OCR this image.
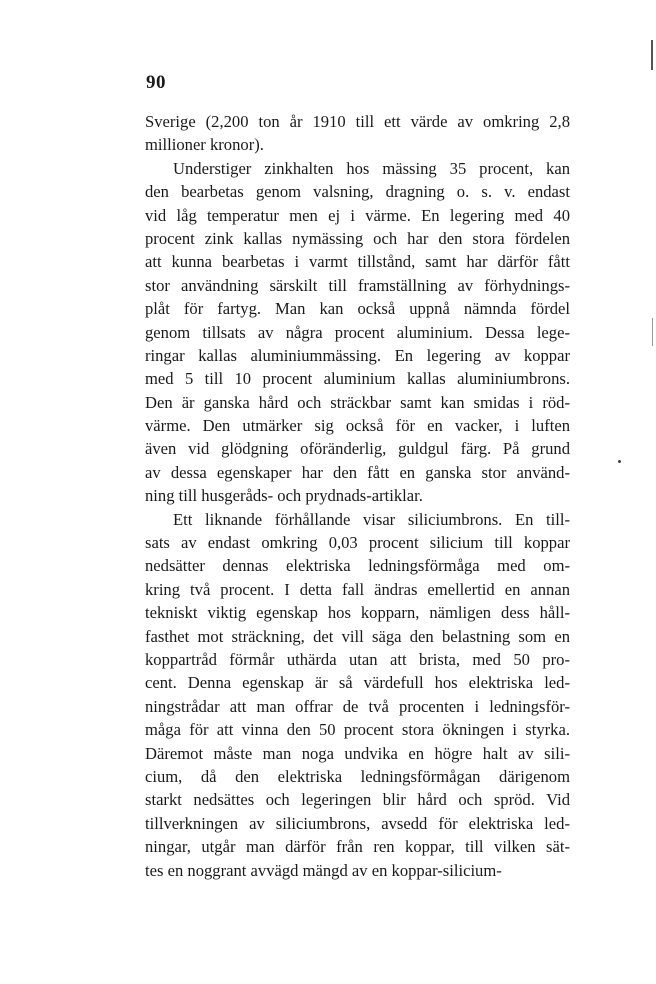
90
Sverige (2,200 ton år 1910 till ett värde av omkring 2,8
millioner kronor).
Understiger zinkhalten hos mässing 35 procent, kan
den bearbetas genom valsning, dragning o. s. v. endast
vid låg temperatur men ej i värme. En legering med 40
procent zink kallas nymässing och har den stora fördelen
att kunna bearbetas i varmt tillstånd, samt har därför fått
stor användning särskilt till framställning av förhydnings-
plåt för fartyg. Man kan också uppnå nämnda fördel
genom tillsats av några procent aluminium. Dessa lege-
ringar kallas aluminiummässing. En legering av koppar
med 5 till 10 procent aluminium kallas aluminiumbrons.
Den är ganska hård och sträckbar samt kan smidas i röd-
värme. Den utmärker sig också för en vacker, i luften
även vid glödgning oföränderlig, guldgul färg. På grund
av dessa egenskaper har den fått en ganska stor använd-
ning till husgeråds- och prydnads-artiklar.
Ett liknande förhållande visar siliciumbrons. En till-
sats av endast omkring 0,03 procent silicium till koppar
nedsätter dennas elektriska ledningsförmåga med om-
kring två procent. I detta fall ändras emellertid en annan
tekniskt viktig egenskap hos kopparn, nämligen dess håll-
fasthet mot sträckning, det vill säga den belastning som en
koppartråd förmår uthärda utan att brista, med 50 pro-
cent. Denna egenskap är så värdefull hos elektriska led-
ningstrådar att man offrar de två procenten i ledningsför-
måga för att vinna den 50 procent stora ökningen i styrka.
Däremot måste man noga undvika en högre halt av sili-
cium, då den elektriska ledningsförmågan därigenom
starkt nedsättes och legeringen blir hård och spröd. Vid
tillverkningen av siliciumbrons, avsedd för elektriska led-
ningar, utgår man därför från ren koppar, till vilken sät-
tes en noggrant avvägd mängd av en koppar-silicium-
